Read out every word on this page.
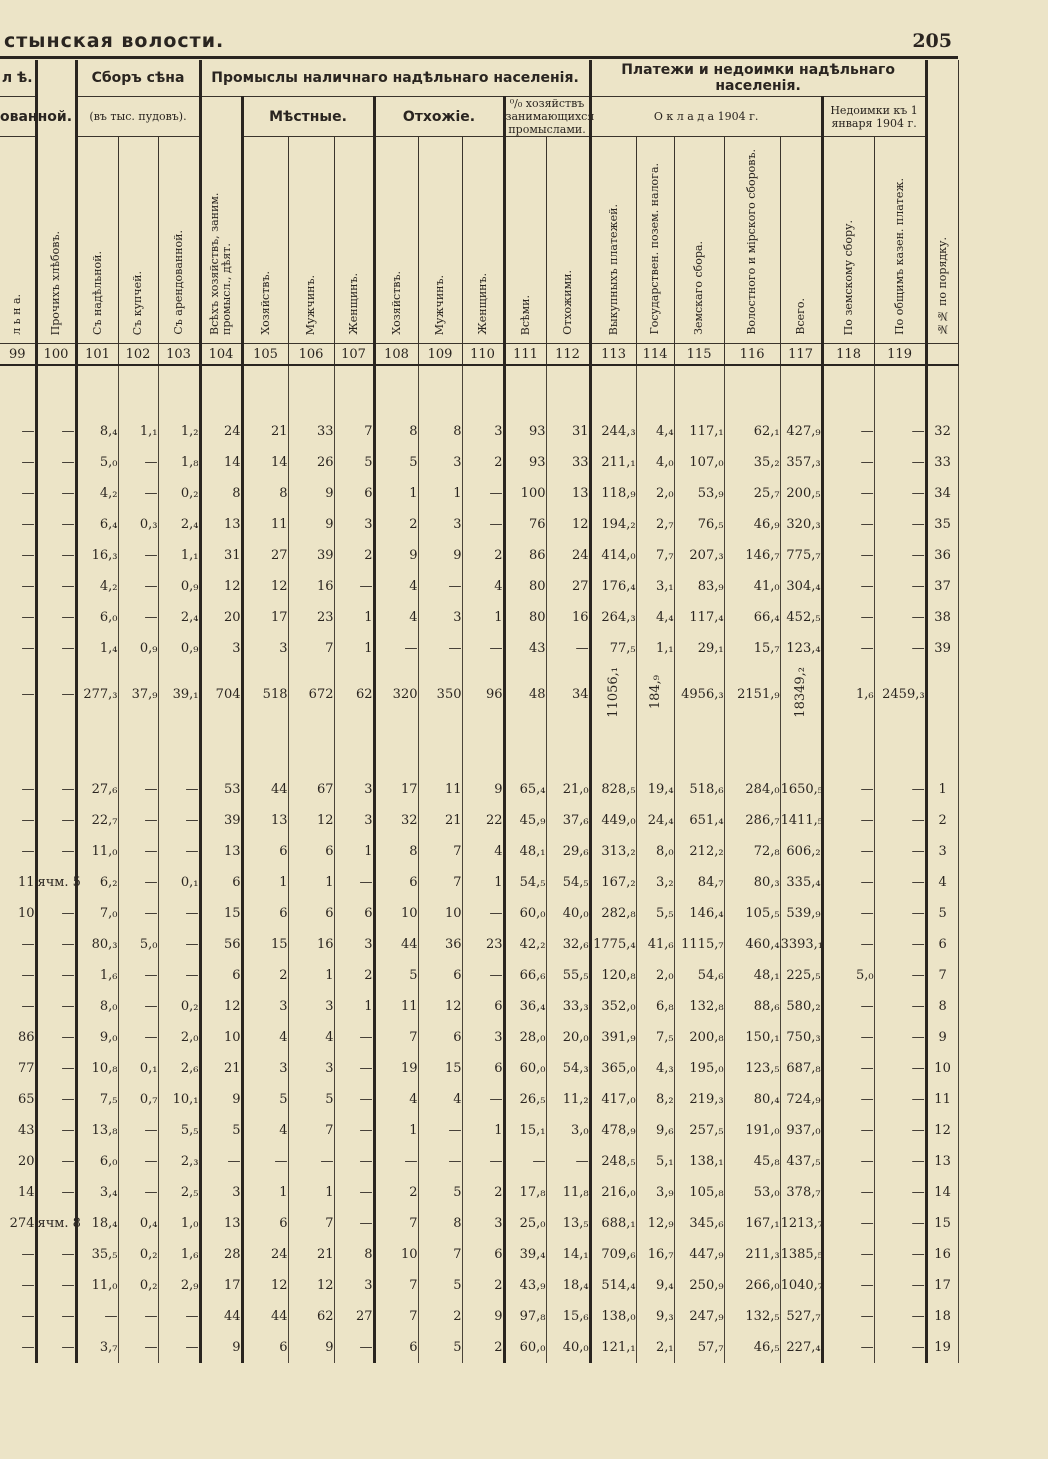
стынская волости.	205
л ѣ.	Прочихъ хлѣбовъ.	Сборъ сѣна			Промыслы наличнаго надѣльнаго населенія.									Платежи и недоимки надѣльнаго населенія.							№№ по порядку.
ованной.		(въ тыс. пудовъ).			Всѣхъ хозяйствъ, заним. промысл., дѣят.	Мѣстные.			Отхожіе.			⁰/₀ хозяйствъ занимающихся промыслами.		О к л а д а 1904 г.					Недоимки къ 1 января 1904 г.		
л ь н а.		Съ надѣльной.	Съ купчей.	Съ арендованной.		Хозяйствъ.	Мужчинъ.	Женщинъ.	Хозяйствъ.	Мужчинъ.	Женщинъ.	Всѣми.	Отхожими.	Выкупныхъ платежей.	Государствен. позем. налога.	Земскаго сбора.	Волостного и мірского сборовъ.	Всего.	По земскому сбору.	По общимъ казен. платеж.	
99	100	101	102	103	104	105	106	107	108	109	110	111	112	113	114	115	116	117	118	119	

—	—	8,₄	1,₁	1,₂	24	21	33	7	8	8	3	93	31	244,₃	4,₄	117,₁	62,₁	427,₉	—	—	32
—	—	5,₀	—	1,₈	14	14	26	5	5	3	2	93	33	211,₁	4,₀	107,₀	35,₂	357,₃	—	—	33
—	—	4,₂	—	0,₂	8	8	9	6	1	1	—	100	13	118,₉	2,₀	53,₉	25,₇	200,₅	—	—	34
—	—	6,₄	0,₃	2,₄	13	11	9	3	2	3	—	76	12	194,₂	2,₇	76,₅	46,₉	320,₃	—	—	35
—	—	16,₃	—	1,₁	31	27	39	2	9	9	2	86	24	414,₀	7,₇	207,₃	146,₇	775,₇	—	—	36
—	—	4,₂	—	0,₉	12	12	16	—	4	—	4	80	27	176,₄	3,₁	83,₉	41,₀	304,₄	—	—	37
—	—	6,₀	—	2,₄	20	17	23	1	4	3	1	80	16	264,₃	4,₄	117,₄	66,₄	452,₅	—	—	38
—	—	1,₄	0,₉	0,₉	3	3	7	1	—	—	—	43	—	77,₅	1,₁	29,₁	15,₇	123,₄	—	—	39
—	—	277,₃	37,₉	39,₁	704	518	672	62	320	350	96	48	34	11056,₁	184,₉	4956,₃	2151,₉	18349,₂	1,₆	2459,₃	

—	—	27,₆	—	—	53	44	67	3	17	11	9	65,₄	21,₀	828,₅	19,₄	518,₆	284,₀	1650,₅	—	—	1
—	—	22,₇	—	—	39	13	12	3	32	21	22	45,₉	37,₆	449,₀	24,₄	651,₄	286,₇	1411,₅	—	—	2
—	—	11,₀	—	—	13	6	6	1	8	7	4	48,₁	29,₆	313,₂	8,₀	212,₂	72,₈	606,₂	—	—	3
11	ячм. 5	6,₂	—	0,₁	6	1	1	—	6	7	1	54,₅	54,₅	167,₂	3,₂	84,₇	80,₃	335,₄	—	—	4
10	—	7,₀	—	—	15	6	6	6	10	10	—	60,₀	40,₀	282,₈	5,₅	146,₄	105,₅	539,₉	—	—	5
—	—	80,₃	5,₀	—	56	15	16	3	44	36	23	42,₂	32,₆	1775,₄	41,₆	1115,₇	460,₄	3393,₁	—	—	6
—	—	1,₆	—	—	6	2	1	2	5	6	—	66,₆	55,₅	120,₈	2,₀	54,₆	48,₁	225,₅	5,₀	—	7
—	—	8,₀	—	0,₂	12	3	3	1	11	12	6	36,₄	33,₃	352,₀	6,₈	132,₈	88,₆	580,₂	—	—	8
86	—	9,₀	—	2,₀	10	4	4	—	7	6	3	28,₀	20,₀	391,₉	7,₅	200,₈	150,₁	750,₃	—	—	9
77	—	10,₈	0,₁	2,₆	21	3	3	—	19	15	6	60,₀	54,₃	365,₀	4,₃	195,₀	123,₅	687,₈	—	—	10
65	—	7,₅	0,₇	10,₁	9	5	5	—	4	4	—	26,₅	11,₂	417,₀	8,₂	219,₃	80,₄	724,₉	—	—	11
43	—	13,₈	—	5,₅	5	4	7	—	1	—	1	15,₁	3,₀	478,₉	9,₆	257,₅	191,₀	937,₀	—	—	12
20	—	6,₀	—	2,₃	—	—	—	—	—	—	—	—	—	248,₅	5,₁	138,₁	45,₈	437,₅	—	—	13
14	—	3,₄	—	2,₅	3	1	1	—	2	5	2	17,₈	11,₈	216,₀	3,₉	105,₈	53,₀	378,₇	—	—	14
274	ячм. 8	18,₄	0,₄	1,₀	13	6	7	—	7	8	3	25,₀	13,₅	688,₁	12,₉	345,₆	167,₁	1213,₇	—	—	15
—	—	35,₅	0,₂	1,₆	28	24	21	8	10	7	6	39,₄	14,₁	709,₆	16,₇	447,₉	211,₃	1385,₅	—	—	16
—	—	11,₀	0,₂	2,₉	17	12	12	3	7	5	2	43,₉	18,₄	514,₄	9,₄	250,₉	266,₀	1040,₇	—	—	17
—	—	—	—	—	44	44	62	27	7	2	9	97,₈	15,₆	138,₀	9,₃	247,₉	132,₅	527,₇	—	—	18
—	—	3,₇	—	—	9	6	9	—	6	5	2	60,₀	40,₀	121,₁	2,₁	57,₇	46,₅	227,₄	—	—	19
